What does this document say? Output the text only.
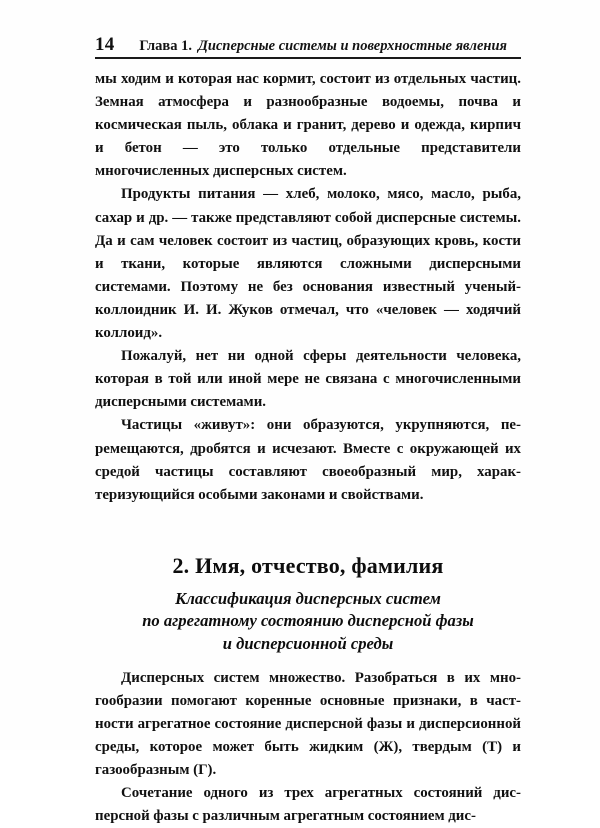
14 Глава 1. Дисперсные системы и поверхностные явления

мы ходим и которая нас кормит, состоит из отдельных частиц. Земная атмосфера и разнообразные водоемы, почва и космическая пыль, облака и гранит, дерево и одежда, кирпич и бетон — это только отдельные представители многочисленных дисперсных систем.

Продукты питания — хлеб, молоко, мясо, масло, рыба, сахар и др. — также представляют собой дисперсные системы. Да и сам человек состоит из частиц, образующих кровь, кости и ткани, которые являются сложными дисперсными системами. Поэтому не без основания известный ученый-коллоидник И. И. Жуков отмечал, что «человек — ходячий коллоид».

Пожалуй, нет ни одной сферы деятельности человека, которая в той или иной мере не связана с многочисленными дисперсными системами.

Частицы «живут»: они образуются, укрупняются, перемещаются, дробятся и исчезают. Вместе с окружающей их средой частицы составляют своеобразный мир, характеризующийся особыми законами и свойствами.

2. Имя, отчество, фамилия
Классификация дисперсных систем
по агрегатному состоянию дисперсной фазы
и дисперсионной среды

Дисперсных систем множество. Разобраться в их многообразии помогают коренные основные признаки, в частности агрегатное состояние дисперсной фазы и дисперсионной среды, которое может быть жидким (Ж), твердым (Т) и газообразным (Г).

Сочетание одного из трех агрегатных состояний дисперсной фазы с различным агрегатным состоянием дис-
